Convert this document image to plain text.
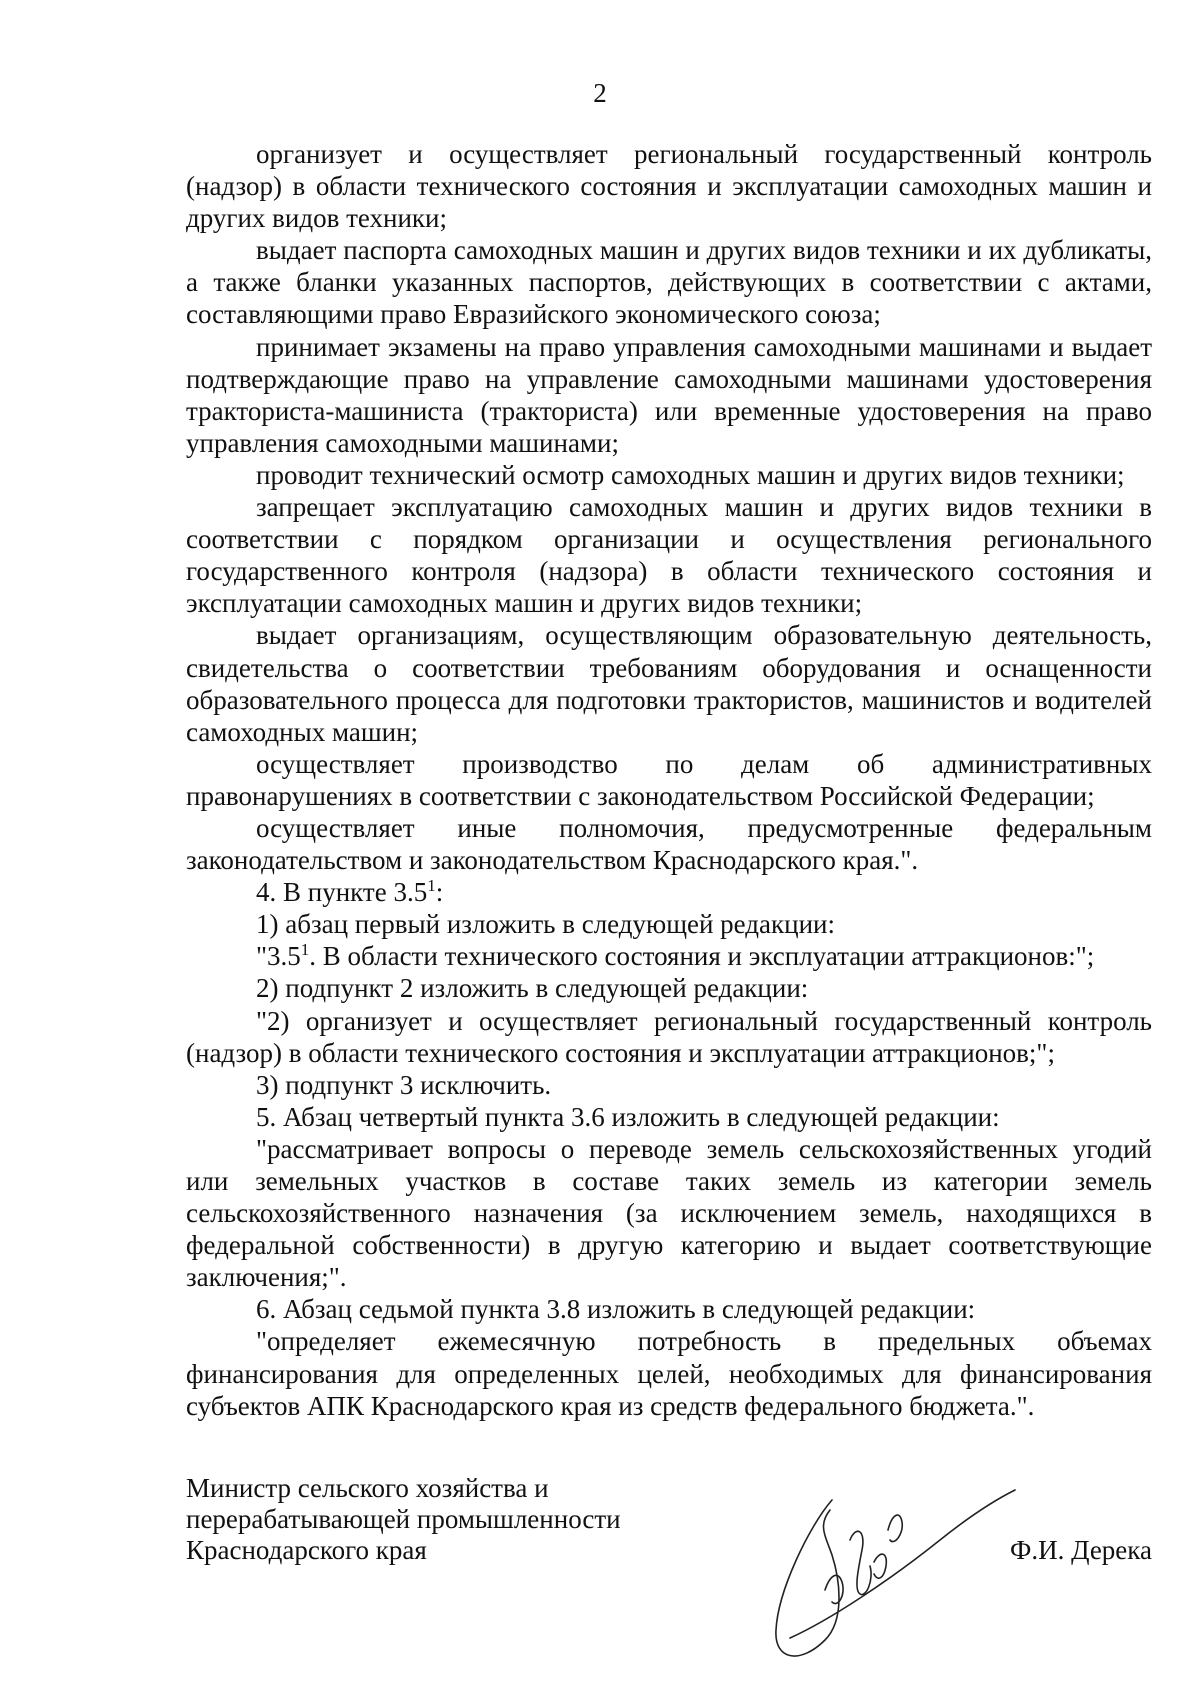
2

организует и осуществляет региональный государственный контроль (надзор) в области технического состояния и эксплуатации самоходных машин и других видов техники;

выдает паспорта самоходных машин и других видов техники и их дубликаты, а также бланки указанных паспортов, действующих в соответствии с актами, составляющими право Евразийского экономического союза;

принимает экзамены на право управления самоходными машинами и выдает подтверждающие право на управление самоходными машинами удостоверения тракториста-машиниста (тракториста) или временные удостоверения на право управления самоходными машинами;

проводит технический осмотр самоходных машин и других видов техники;

запрещает эксплуатацию самоходных машин и других видов техники в соответствии с порядком организации и осуществления регионального государственного контроля (надзора) в области технического состояния и эксплуатации самоходных машин и других видов техники;

выдает организациям, осуществляющим образовательную деятельность, свидетельства о соответствии требованиям оборудования и оснащенности образовательного процесса для подготовки трактористов, машинистов и водителей самоходных машин;

осуществляет производство по делам об административных правонарушениях в соответствии с законодательством Российской Федерации;

осуществляет иные полномочия, предусмотренные федеральным законодательством и законодательством Краснодарского края.".

4. В пункте $3.5^1$:

1) абзац первый изложить в следующей редакции:

"$3.5^1$. В области технического состояния и эксплуатации аттракционов:";

2) подпункт 2 изложить в следующей редакции:

"2) организует и осуществляет региональный государственный контроль (надзор) в области технического состояния и эксплуатации аттракционов;";

3) подпункт 3 исключить.

5. Абзац четвертый пункта 3.6 изложить в следующей редакции:

"рассматривает вопросы о переводе земель сельскохозяйственных угодий или земельных участков в составе таких земель из категории земель сельскохозяйственного назначения (за исключением земель, находящихся в федеральной собственности) в другую категорию и выдает соответствующие заключения;".

6. Абзац седьмой пункта 3.8 изложить в следующей редакции:

"определяет ежемесячную потребность в предельных объемах финансирования для определенных целей, необходимых для финансирования субъектов АПК Краснодарского края из средств федерального бюджета.".

Министр сельского хозяйства и
перерабатывающей промышленности
Краснодарского края	Ф.И. Дерека
